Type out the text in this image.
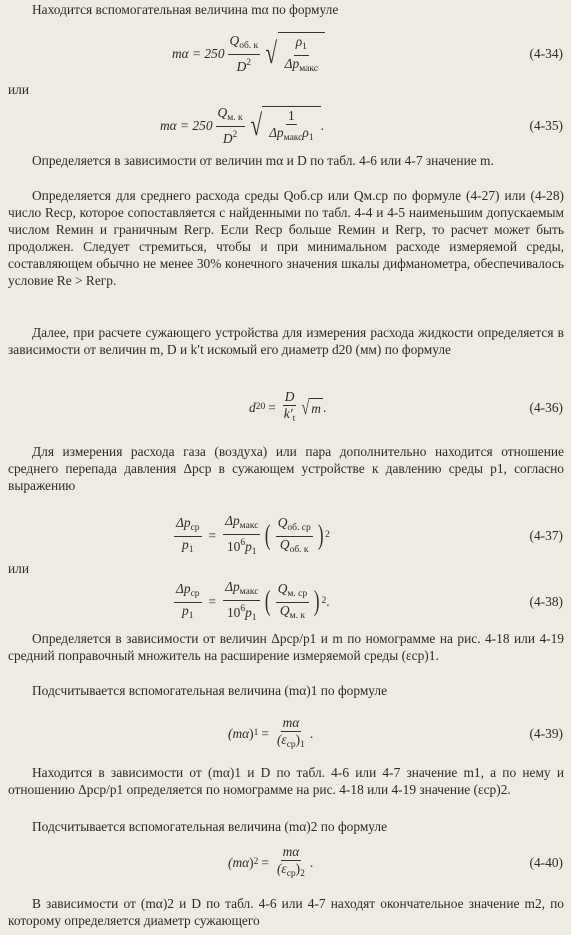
Находится вспомогательная величина mα по формуле
mα = 250
$Q_{об. к}$
$D^2$ √ $\rho_1$
$\Delta p_{макс}$
(4-34)
или
mα = 250
$Q_{м. к}$
$D^2$ √ 1
$\Delta p_{макс}\rho_1$
.	(4-35)
Определяется в зависимости от величин mα и D по табл. 4-6 или 4-7 значение m.
Определяется для среднего расхода среды Qоб.ср или Qм.ср по формуле (4-27) или (4-28) число Reср, которое сопоставляется с найденными по табл. 4-4 и 4-5 наименьшим допускаемым числом Reмин и граничным Reгр. Если Reср больше Reмин и Reгр, то расчет может быть продолжен. Следует стремиться, чтобы и при минимальном расходе измеряемой среды, составляющем обычно не менее 30% конечного значения шкалы дифманометра, обеспечивалось условие Re > Reгр.
Далее, при расчете сужающего устройства для измерения расхода жидкости определяется в зависимости от величин m, D и k′t искомый его диаметр d20 (мм) по формуле
d $20 = \frac{D}{k'_t}$ √ m .	(4-36)
Для измерения расхода газа (воздуха) или пара дополнительно находится отношение среднего перепада давления Δpср в сужающем устройстве к давлению среды p1, согласно выражению
$\Delta p_{ср}$
$p_1$
=
$\Delta p_{макс}$
$10^6p_1$
( $Q_{об. ср}$
$Q_{об. к}$ ) 2	(4-37)
или
$\Delta p_{ср}$
$p_1$
=
$\Delta p_{макс}$
$10^6p_1$
( $Q_{м. ср}$
$Q_{м. к}$ ) 2 .	(4-38)
Определяется в зависимости от величин Δpср/p1 и m по номограмме на рис. 4-18 или 4-19 средний поправочный множитель на расширение измеряемой среды (εср)1.
Подсчитывается вспомогательная величина (mα)1 по формуле
(mα ) 1 =
mα
$(\varepsilon_{ср})_1$
.	(4-39)
Находится в зависимости от (mα)1 и D по табл. 4-6 или 4-7 значение m1, а по нему и отношению Δpср/p1 определяется по номограмме на рис. 4-18 или 4-19 значение (εср)2.
Подсчитывается вспомогательная величина (mα)2 по формуле
(mα ) 2 =
mα
$(\varepsilon_{ср})_2$
.	(4-40)
В зависимости от (mα)2 и D по табл. 4-6 или 4-7 находят окончательное значение m2, по которому определяется диаметр сужающего
